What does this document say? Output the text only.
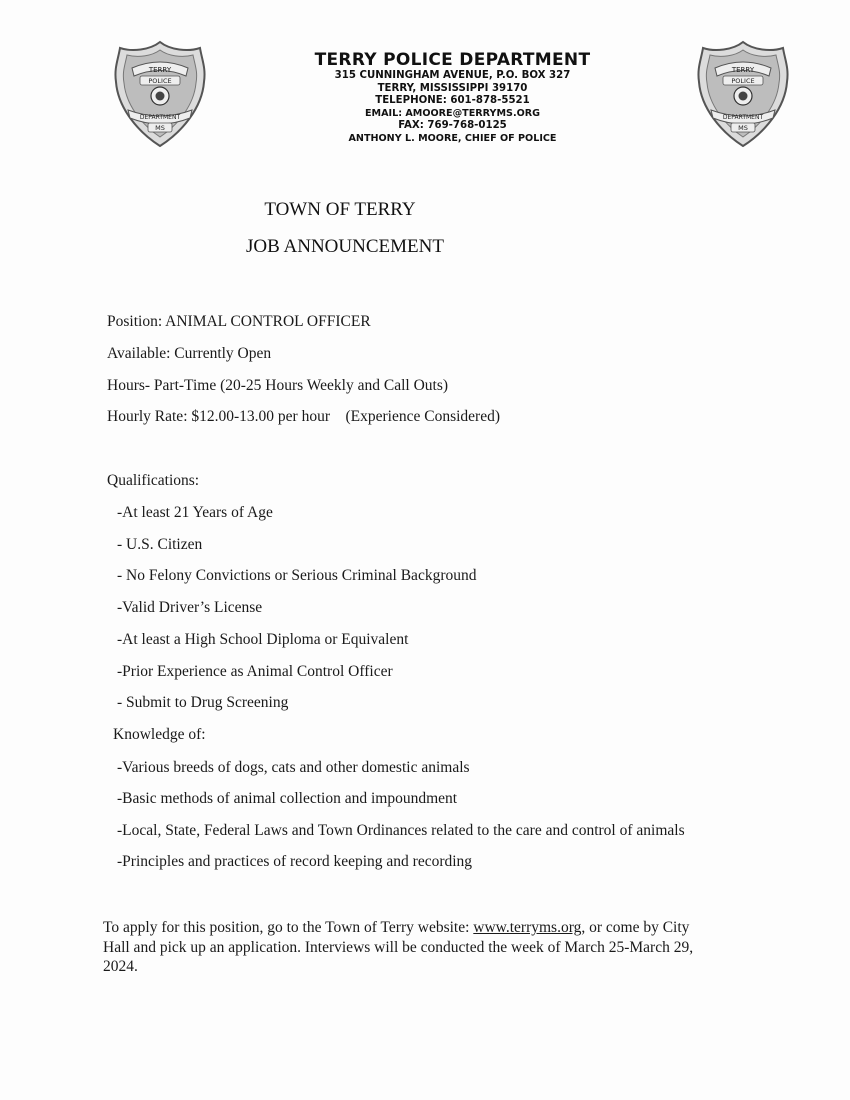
TERRY
POLICE
DEPARTMENT
MS
TERRY
POLICE
DEPARTMENT
MS
TERRY POLICE DEPARTMENT
315 CUNNINGHAM AVENUE, P.O. BOX 327
TERRY, MISSISSIPPI 39170
TELEPHONE: 601-878-5521
EMAIL: AMOORE@TERRYMS.ORG
FAX: 769-768-0125
ANTHONY L. MOORE, CHIEF OF POLICE
TOWN OF TERRY
JOB ANNOUNCEMENT
Position: ANIMAL CONTROL OFFICER
Available: Currently Open
Hours- Part-Time (20-25 Hours Weekly and Call Outs)
Hourly Rate: $12.00-13.00 per hour    (Experience Considered)
Qualifications:
-At least 21 Years of Age
- U.S. Citizen
- No Felony Convictions or Serious Criminal Background
-Valid Driver’s License
-At least a High School Diploma or Equivalent
-Prior Experience as Animal Control Officer
- Submit to Drug Screening
Knowledge of:
-Various breeds of dogs, cats and other domestic animals
-Basic methods of animal collection and impoundment
-Local, State, Federal Laws and Town Ordinances related to the care and control of animals
-Principles and practices of record keeping and recording
To apply for this position, go to the Town of Terry website: www.terryms.org, or come by City
Hall and pick up an application. Interviews will be conducted the week of March 25-March 29,
2024.
